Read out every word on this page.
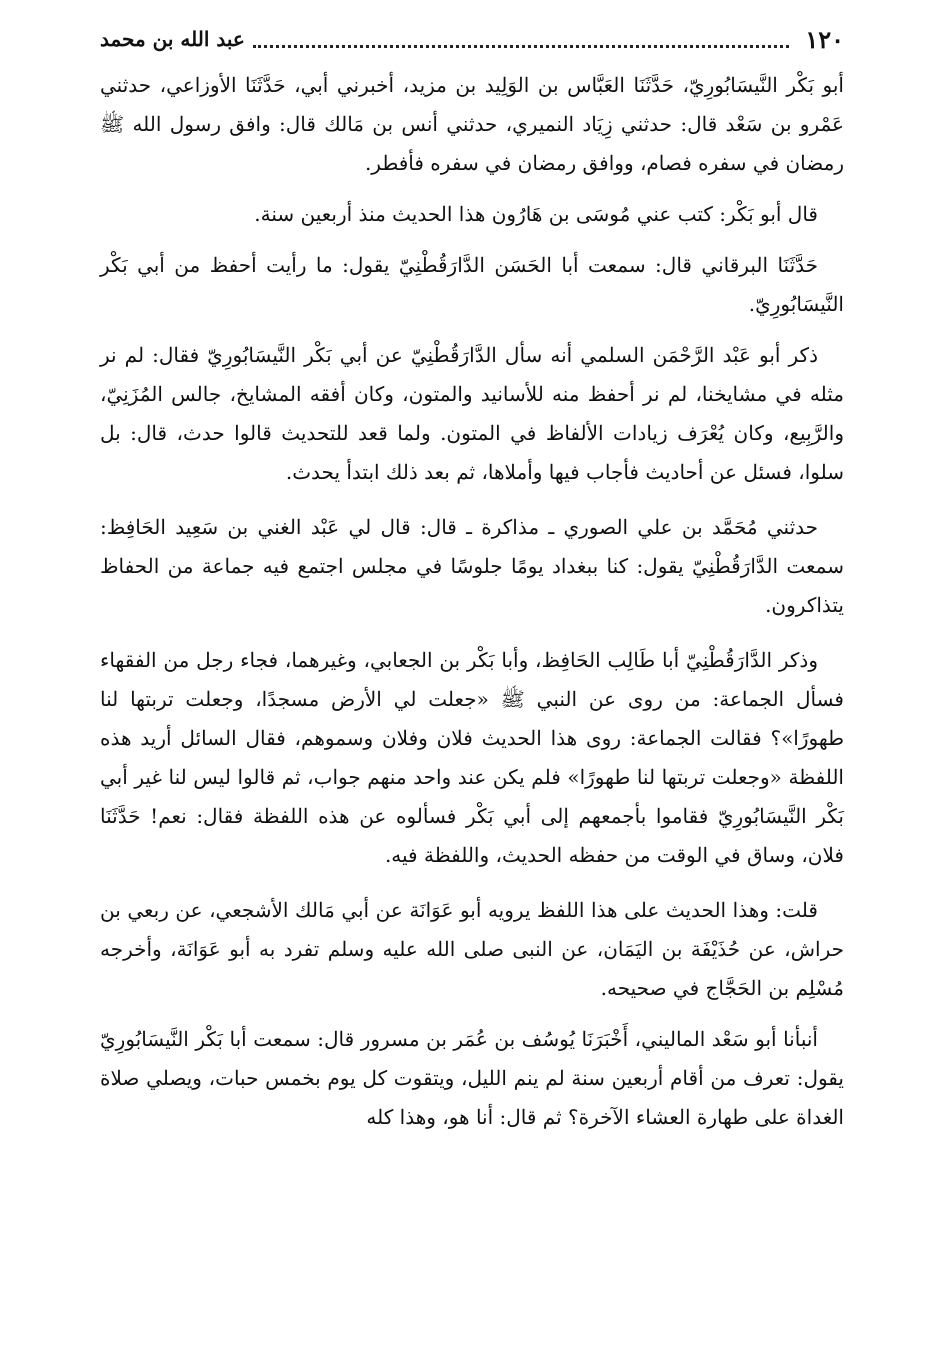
١٢٠
عبد الله بن محمد

أبو بَكْر النَّيسَابُورِيّ، حَدَّثَنَا العَبَّاس بن الوَلِيد بن مزيد، أخبرني أبي، حَدَّثَنَا الأوزاعي، حدثني عَمْرو بن سَعْد قال: حدثني زِيَاد النميري، حدثني أنس بن مَالك قال: وافق رسول الله ﷺ رمضان في سفره فصام، ووافق رمضان في سفره فأفطر.

قال أبو بَكْر: كتب عني مُوسَى بن هَارُون هذا الحديث منذ أربعين سنة.

حَدَّثَنَا البرقاني قال: سمعت أبا الحَسَن الدَّارَقُطْنِيّ يقول: ما رأيت أحفظ من أبي بَكْر النَّيسَابُورِيّ.

ذكر أبو عَبْد الرَّحْمَن السلمي أنه سأل الدَّارَقُطْنِيّ عن أبي بَكْر النَّيسَابُورِيّ فقال: لم نر مثله في مشايخنا، لم نر أحفظ منه للأسانيد والمتون، وكان أفقه المشايخ، جالس المُزَنِيّ، والرَّبِيع، وكان يُعْرَف زيادات الألفاظ في المتون. ولما قعد للتحديث قالوا حدث، قال: بل سلوا، فسئل عن أحاديث فأجاب فيها وأملاها، ثم بعد ذلك ابتدأ يحدث.

حدثني مُحَمَّد بن علي الصوري ـ مذاكرة ـ قال: قال لي عَبْد الغني بن سَعِيد الحَافِظ: سمعت الدَّارَقُطْنِيّ يقول: كنا ببغداد يومًا جلوسًا في مجلس اجتمع فيه جماعة من الحفاظ يتذاكرون.

وذكر الدَّارَقُطْنِيّ أبا طَالِب الحَافِظ، وأبا بَكْر بن الجعابي، وغيرهما، فجاء رجل من الفقهاء فسأل الجماعة: من روى عن النبي ﷺ «جعلت لي الأرض مسجدًا، وجعلت تربتها لنا طهورًا»؟ فقالت الجماعة: روى هذا الحديث فلان وفلان وسموهم، فقال السائل أريد هذه اللفظة «وجعلت تربتها لنا طهورًا» فلم يكن عند واحد منهم جواب، ثم قالوا ليس لنا غير أبي بَكْر النَّيسَابُورِيّ فقاموا بأجمعهم إلى أبي بَكْر فسألوه عن هذه اللفظة فقال: نعم! حَدَّثَنَا فلان، وساق في الوقت من حفظه الحديث، واللفظة فيه.

قلت: وهذا الحديث على هذا اللفظ يرويه أبو عَوَانَة عن أبي مَالك الأشجعي، عن ربعي بن حراش، عن حُذَيْفَة بن اليَمَان، عن النبى صلى الله عليه وسلم تفرد به أبو عَوَانَة، وأخرجه مُسْلِم بن الحَجَّاج في صحيحه.

أنبأنا أبو سَعْد الماليني، أَخْبَرَنَا يُوسُف بن عُمَر بن مسرور قال: سمعت أبا بَكْر النَّيسَابُورِيّ يقول: تعرف من أقام أربعين سنة لم ينم الليل، ويتقوت كل يوم بخمس حبات، ويصلي صلاة الغداة على طهارة العشاء الآخرة؟ ثم قال: أنا هو، وهذا كله
